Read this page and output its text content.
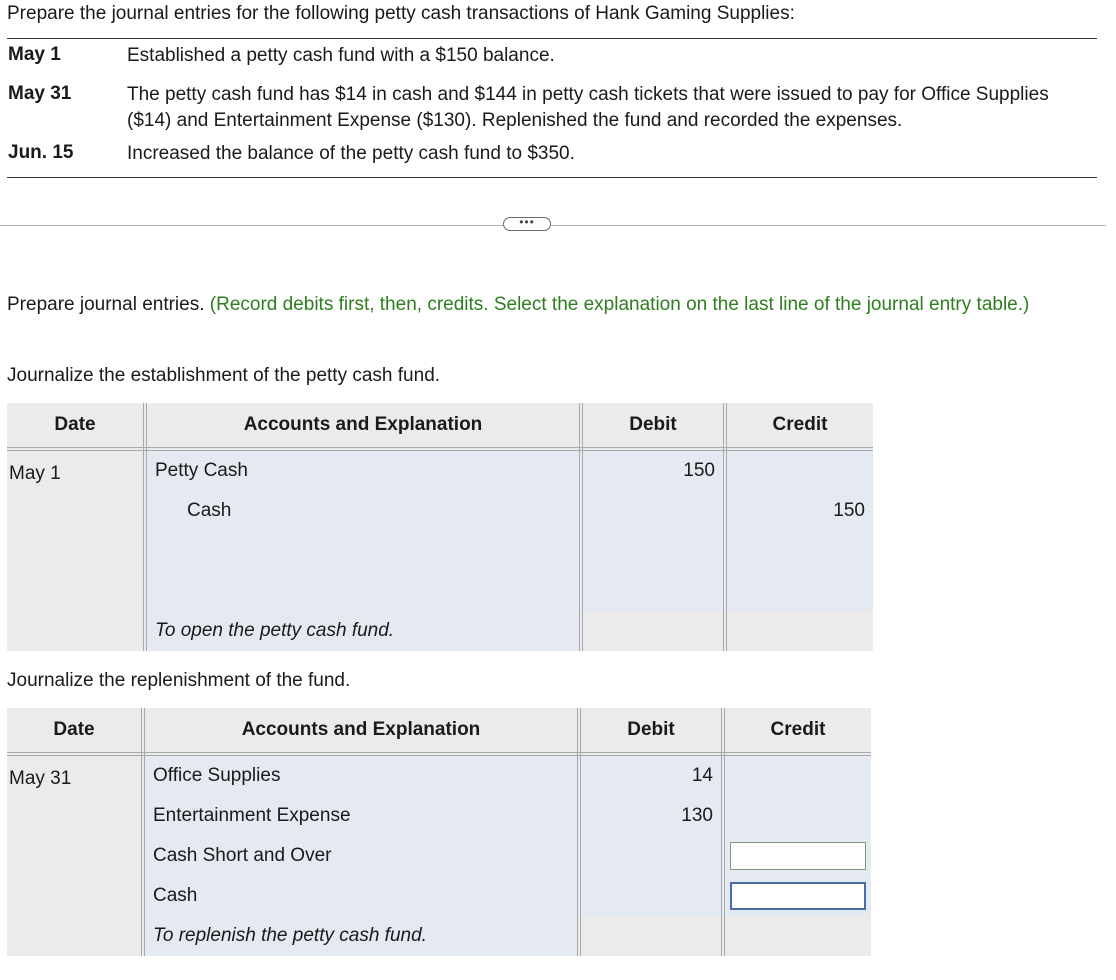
Prepare the journal entries for the following petty cash transactions of Hank Gaming Supplies:
May 1	Established a petty cash fund with a $150 balance.
May 31	The petty cash fund has $14 in cash and $144 in petty cash tickets that were issued to pay for Office Supplies ($14) and Entertainment Expense ($130). Replenished the fund and recorded the expenses.
Jun. 15	Increased the balance of the petty cash fund to $350.
•••
Prepare journal entries. (Record debits first, then, credits. Select the explanation on the last line of the journal entry table.)
Journalize the establishment of the petty cash fund.
Date	Accounts and Explanation	Debit	Credit
May 1	Petty Cash	150	
	Cash		150

	To open the petty cash fund.		
Journalize the replenishment of the fund.
Date	Accounts and Explanation	Debit	Credit
May 31	Office Supplies	14	
	Entertainment Expense	130	
	Cash Short and Over		

	Cash		

	To replenish the petty cash fund.		
